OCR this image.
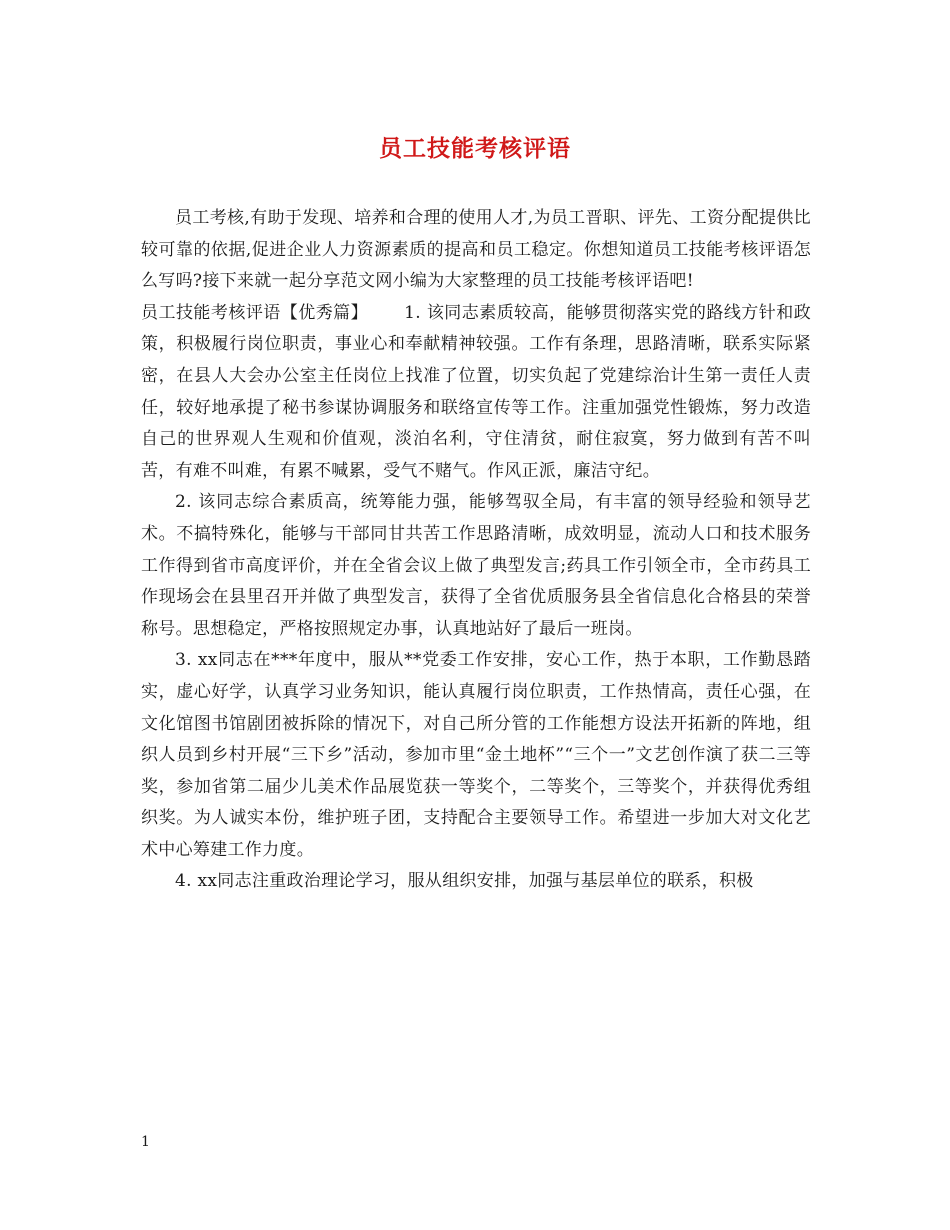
员工技能考核评语

员工考核,有助于发现、培养和合理的使用人才,为员工晋职、评先、工资分配提供比较可靠的依据,促进企业人力资源素质的提高和员工稳定。你想知道员工技能考核评语怎么写吗?接下来就一起分享范文网小编为大家整理的员工技能考核评语吧!

员工技能考核评语【优秀篇】 1. 该同志素质较高，能够贯彻落实党的路线方针和政策，积极履行岗位职责，事业心和奉献精神较强。工作有条理，思路清晰，联系实际紧密，在县人大会办公室主任岗位上找准了位置，切实负起了党建综治计生第一责任人责任，较好地承提了秘书参谋协调服务和联络宣传等工作。注重加强党性锻炼，努力改造自己的世界观人生观和价值观，淡泊名利，守住清贫，耐住寂寞，努力做到有苦不叫苦，有难不叫难，有累不喊累，受气不赌气。作风正派，廉洁守纪。

2. 该同志综合素质高，统筹能力强，能够驾驭全局，有丰富的领导经验和领导艺术。不搞特殊化，能够与干部同甘共苦工作思路清晰，成效明显，流动人口和技术服务工作得到省市高度评价，并在全省会议上做了典型发言;药具工作引领全市，全市药具工作现场会在县里召开并做了典型发言，获得了全省优质服务县全省信息化合格县的荣誉称号。思想稳定，严格按照规定办事，认真地站好了最后一班岗。

3. xx同志在***年度中，服从**党委工作安排，安心工作，热于本职，工作勤恳踏实，虚心好学，认真学习业务知识，能认真履行岗位职责，工作热情高，责任心强，在文化馆图书馆剧团被拆除的情况下，对自己所分管的工作能想方设法开拓新的阵地，组织人员到乡村开展“三下乡”活动，参加市里“金土地杯”“三个一”文艺创作演了获二三等奖，参加省第二届少儿美术作品展览获一等奖个，二等奖个，三等奖个，并获得优秀组织奖。为人诚实本份，维护班子团，支持配合主要领导工作。希望进一步加大对文化艺术中心筹建工作力度。

4. xx同志注重政治理论学习，服从组织安排，加强与基层单位的联系，积极

1
